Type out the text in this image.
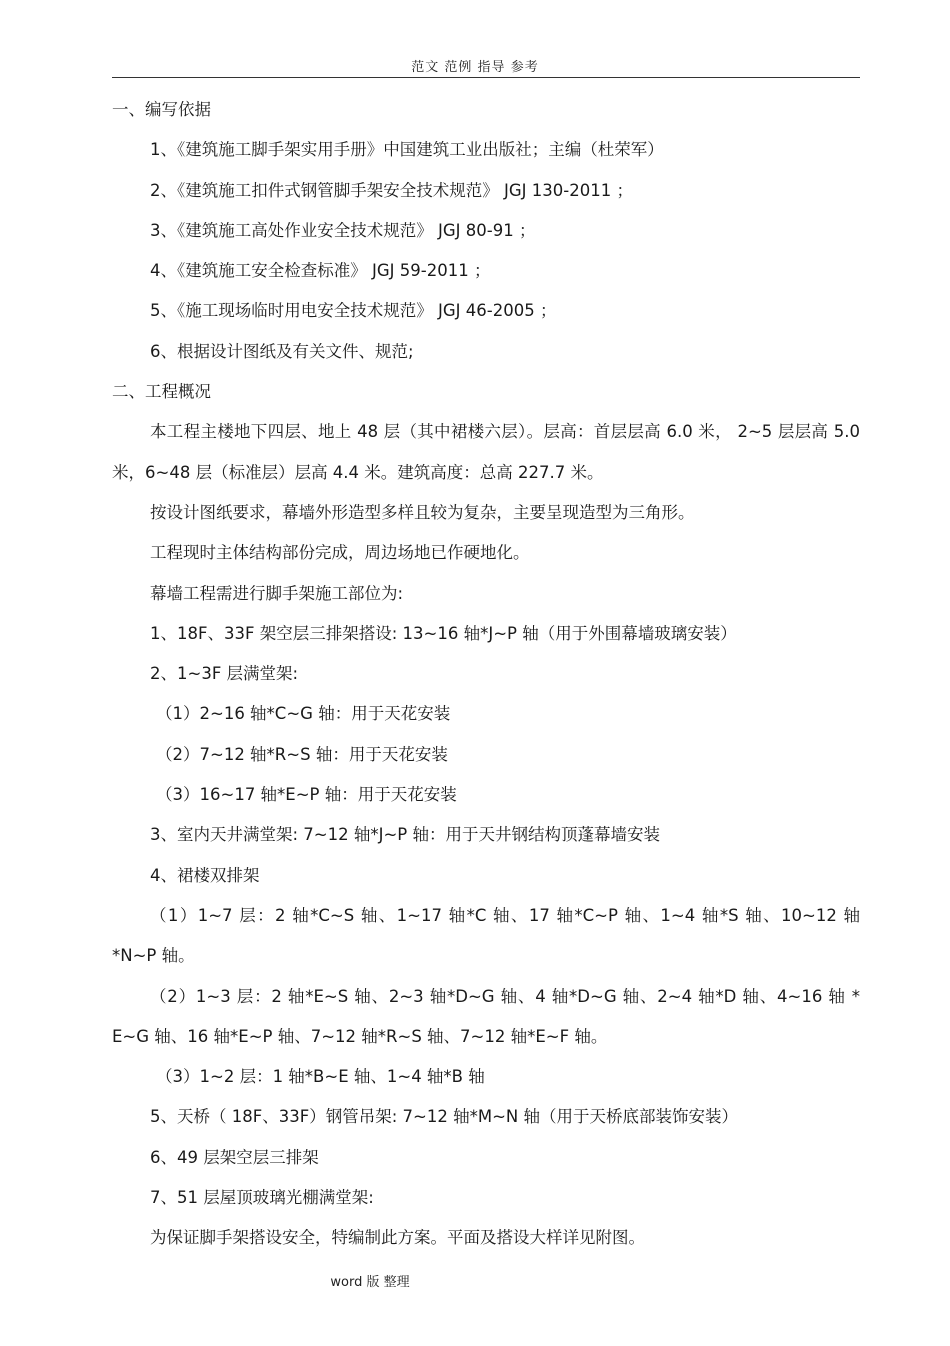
范文 范例 指导 参考

一、编写依据

1、《建筑施工脚手架实用手册》中国建筑工业出版社；主编（杜荣军）

2、《建筑施工扣件式钢管脚手架安全技术规范》 JGJ 130-2011 ；

3、《建筑施工高处作业安全技术规范》 JGJ 80-91 ；

4、《建筑施工安全检查标准》 JGJ 59-2011 ；

5、《施工现场临时用电安全技术规范》 JGJ 46-2005 ；

6、根据设计图纸及有关文件、规范;

二、工程概况

本工程主楼地下四层、地上 48 层（其中裙楼六层）。层高：首层层高 6.0 米， 2~5 层层高 5.0 米，6~48 层（标准层）层高 4.4 米。建筑高度：总高 227.7 米。

按设计图纸要求，幕墙外形造型多样且较为复杂，主要呈现造型为三角形。

工程现时主体结构部份完成，周边场地已作硬地化。

幕墙工程需进行脚手架施工部位为:

1、18F、33F 架空层三排架搭设: 13~16 轴*J~P 轴（用于外围幕墙玻璃安装）

2、1~3F 层满堂架:

（1）2~16 轴*C~G 轴：用于天花安装

（2）7~12 轴*R~S 轴：用于天花安装

（3）16~17 轴*E~P 轴：用于天花安装

3、室内天井满堂架: 7~12 轴*J~P 轴：用于天井钢结构顶蓬幕墙安装

4、裙楼双排架

（1）1~7 层：2 轴*C~S 轴、1~17 轴*C 轴、17 轴*C~P 轴、1~4 轴*S 轴、10~12 轴 *N~P 轴。

（2）1~3 层：2 轴*E~S 轴、2~3 轴*D~G 轴、4 轴*D~G 轴、2~4 轴*D 轴、4~16 轴 * E~G 轴、16 轴*E~P 轴、7~12 轴*R~S 轴、7~12 轴*E~F 轴。

（3）1~2 层：1 轴*B~E 轴、1~4 轴*B 轴

5、天桥（ 18F、33F）钢管吊架: 7~12 轴*M~N 轴（用于天桥底部装饰安装）

6、49 层架空层三排架

7、51 层屋顶玻璃光棚满堂架:

为保证脚手架搭设安全，特编制此方案。平面及搭设大样详见附图。

word 版 整理
